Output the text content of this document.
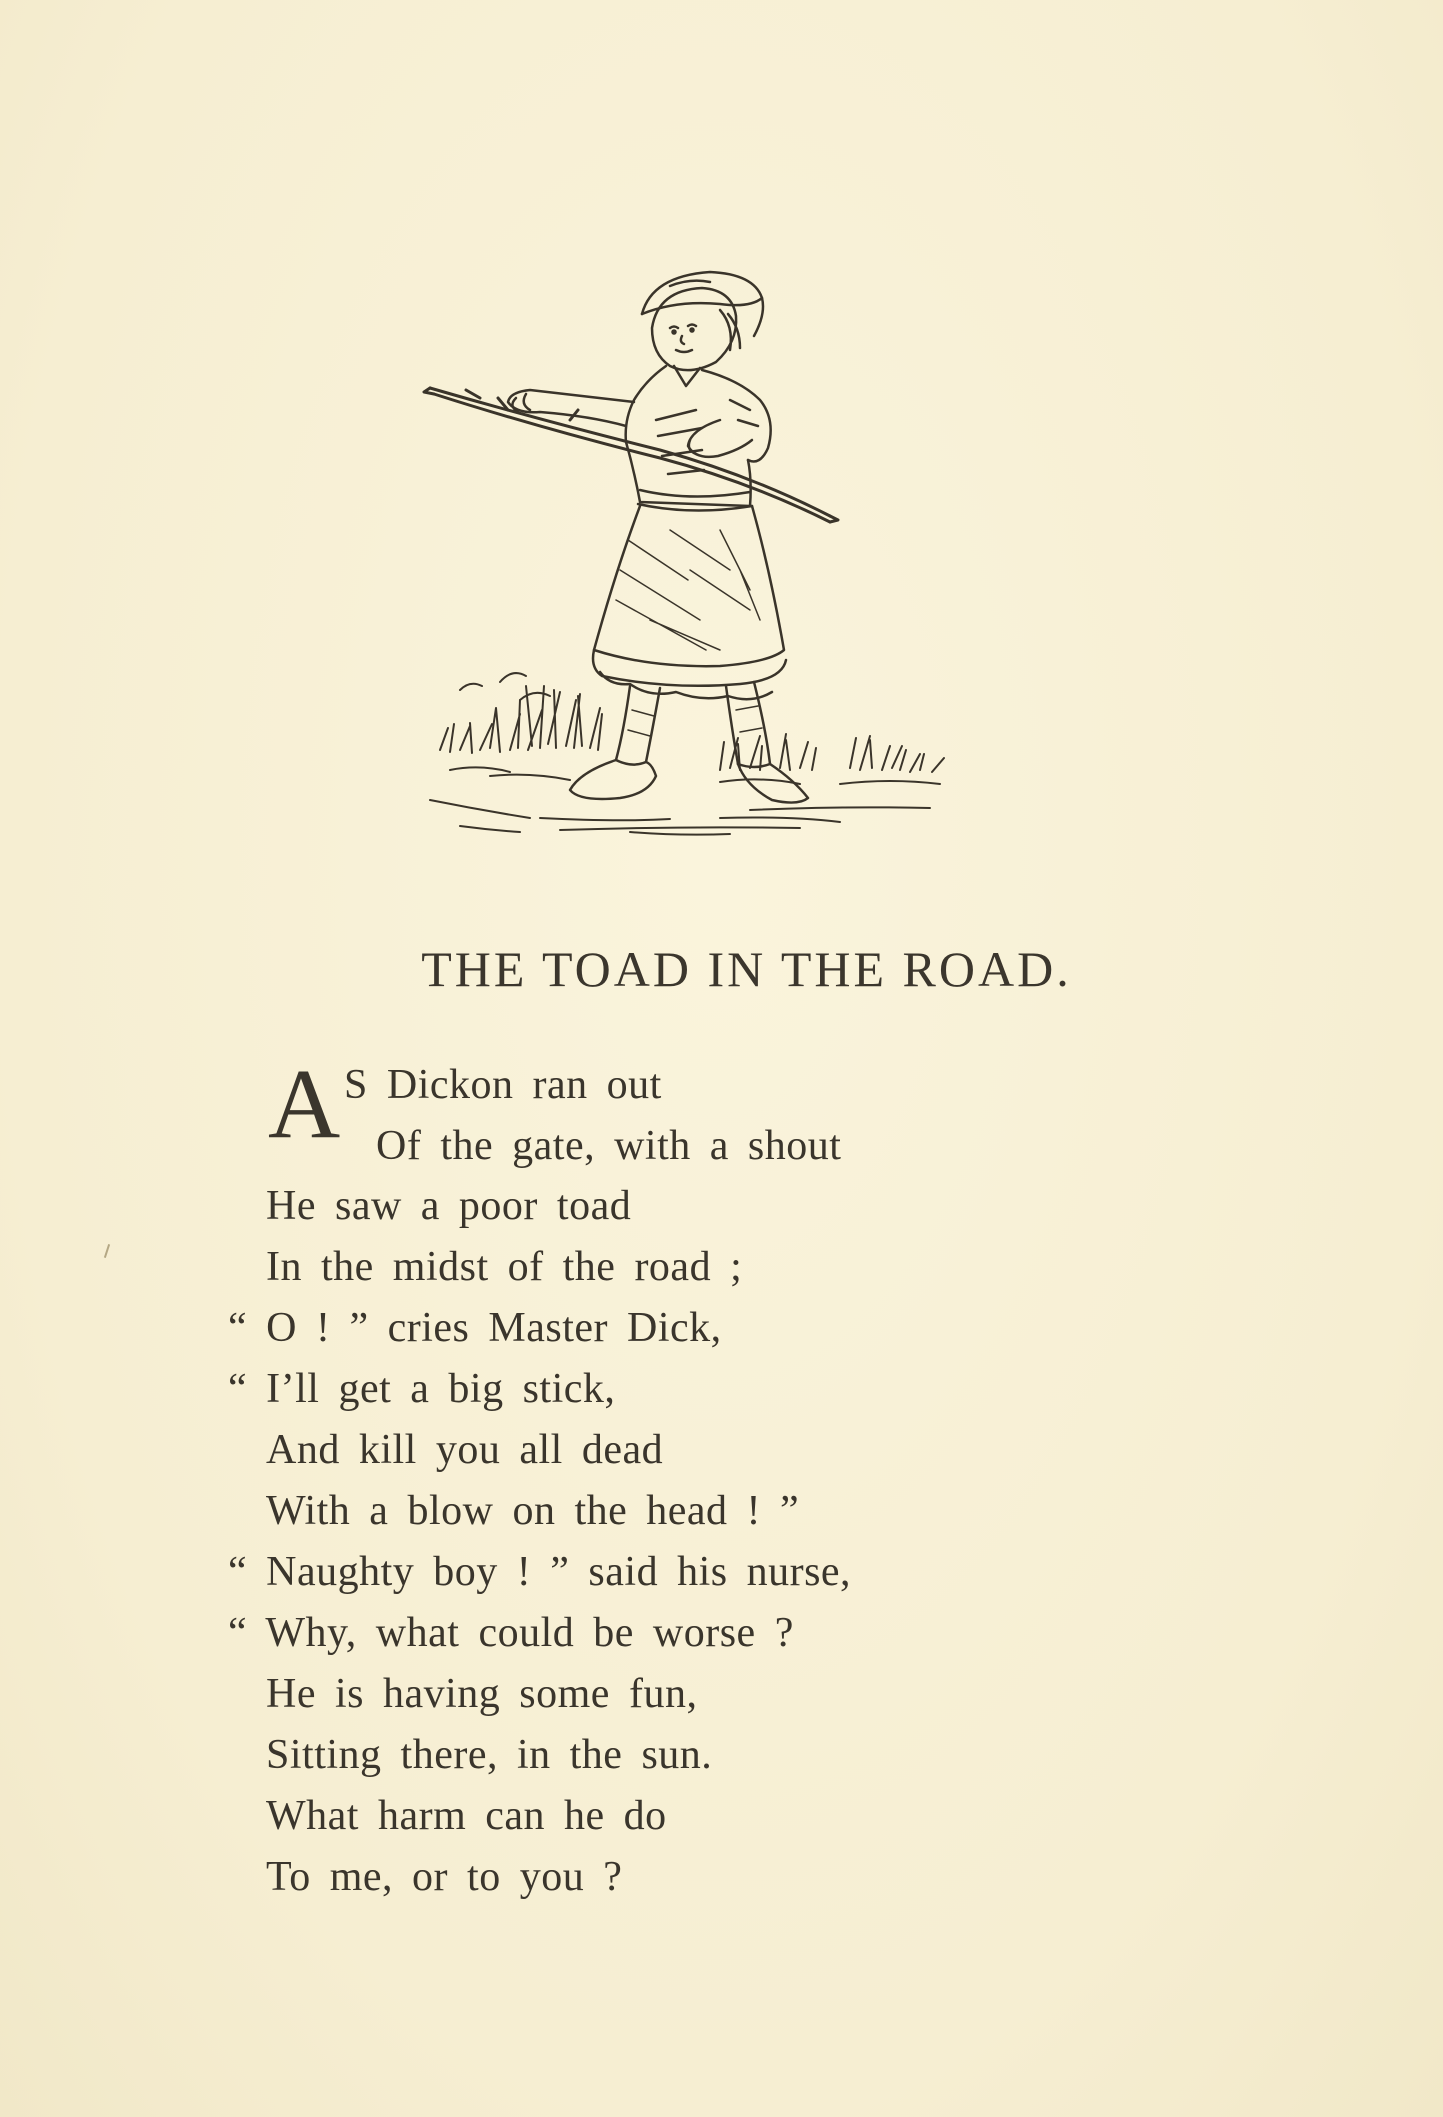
THE TOAD IN THE ROAD.
A S Dickon ran out
Of the gate, with a shout
He saw a poor toad
In the midst of the road ;
“ O ! ” cries Master Dick,
“ I’ll get a big stick,
And kill you all dead
With a blow on the head ! ”
“ Naughty boy ! ” said his nurse,
“ Why, what could be worse ?
He is having some fun,
Sitting there, in the sun.
What harm can he do
To me, or to you ?
